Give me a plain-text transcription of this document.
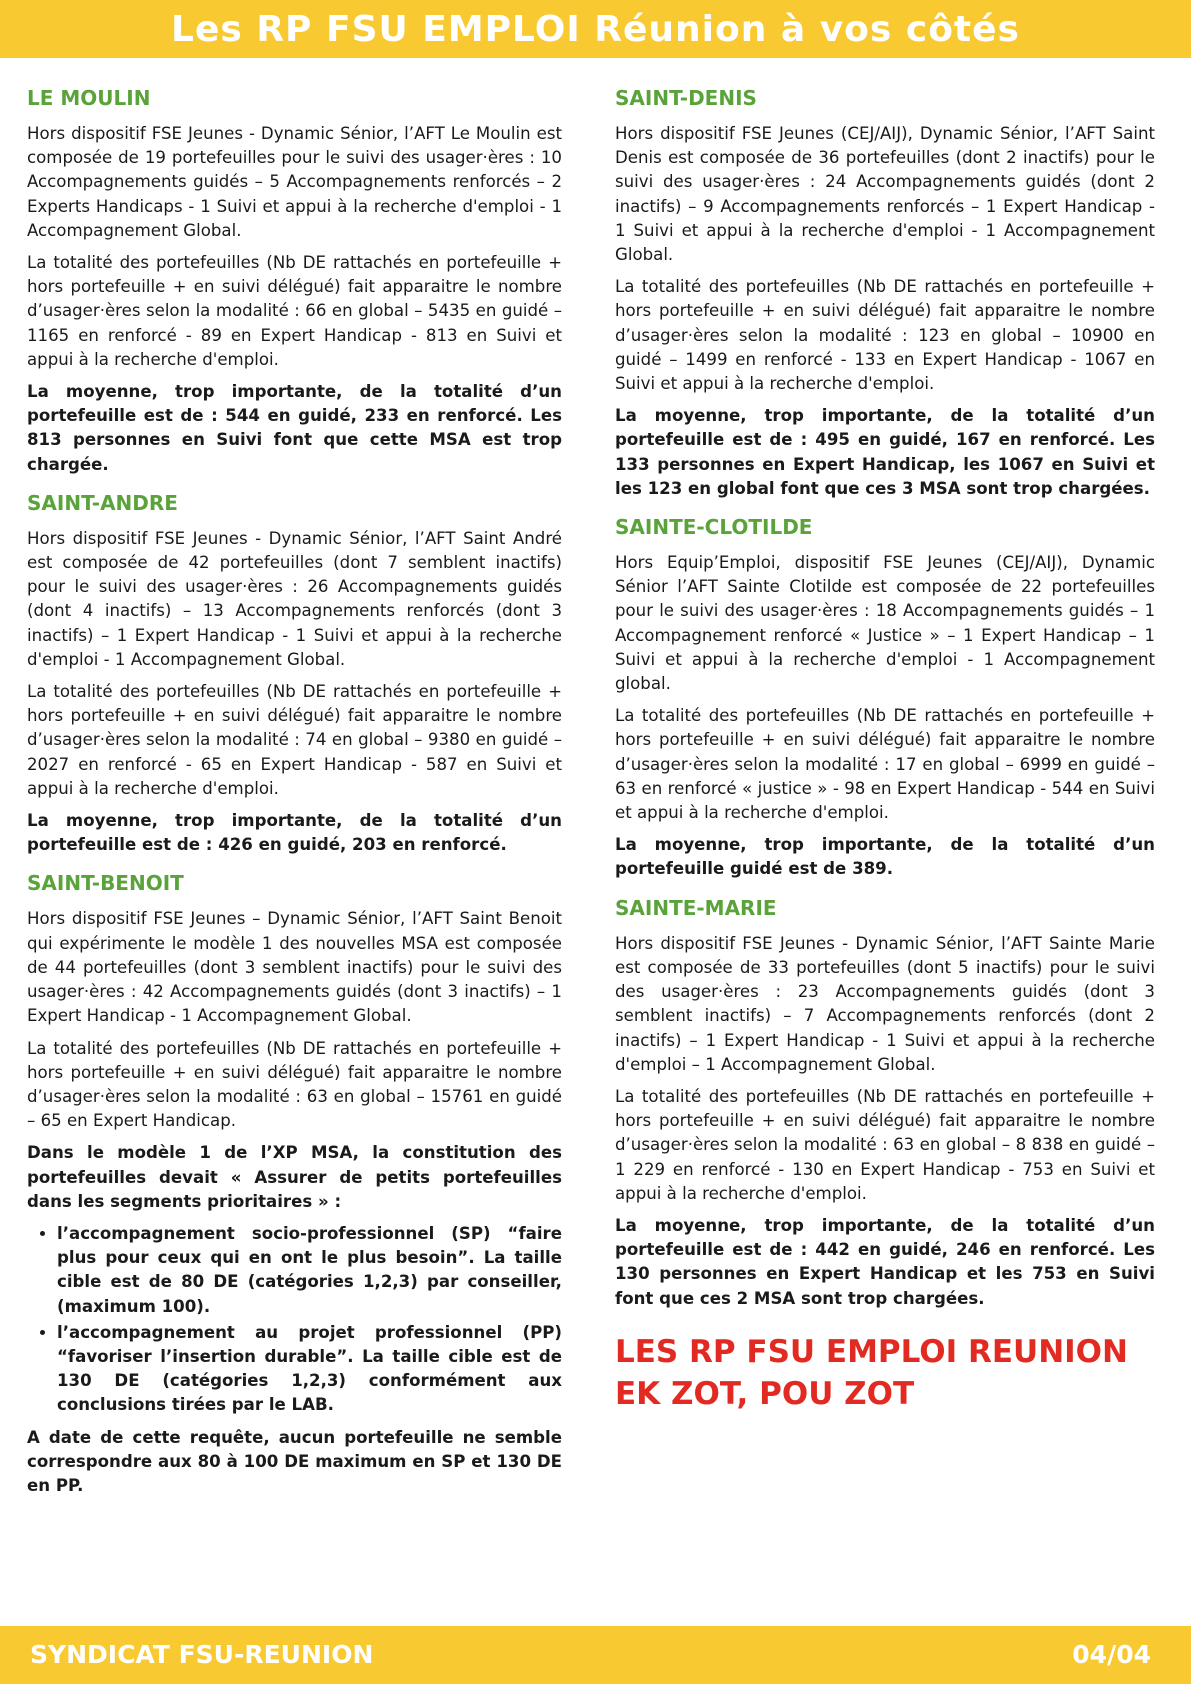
Les RP FSU EMPLOI Réunion à vos côtés
LE MOULIN

Hors dispositif FSE Jeunes - Dynamic Sénior, l’AFT Le Moulin est composée de 19 portefeuilles pour le suivi des usager·ères : 10 Accompagnements guidés – 5 Accompagnements renforcés – 2 Experts Handicaps - 1 Suivi et appui à la recherche d'emploi - 1 Accompagnement Global.

La totalité des portefeuilles (Nb DE rattachés en portefeuille + hors portefeuille + en suivi délégué) fait apparaitre le nombre d’usager·ères selon la modalité : 66 en global – 5435 en guidé – 1165 en renforcé - 89 en Expert Handicap - 813 en Suivi et appui à la recherche d'emploi.

La moyenne, trop importante, de la totalité d’un portefeuille est de : 544 en guidé, 233 en renforcé. Les 813 personnes en Suivi font que cette MSA est trop chargée.

SAINT-ANDRE

Hors dispositif FSE Jeunes - Dynamic Sénior, l’AFT Saint André est composée de 42 portefeuilles (dont 7 semblent inactifs) pour le suivi des usager·ères : 26 Accompagnements guidés (dont 4 inactifs) – 13 Accompagnements renforcés (dont 3 inactifs) – 1 Expert Handicap - 1 Suivi et appui à la recherche d'emploi - 1 Accompagnement Global.

La totalité des portefeuilles (Nb DE rattachés en portefeuille + hors portefeuille + en suivi délégué) fait apparaitre le nombre d’usager·ères selon la modalité : 74 en global – 9380 en guidé – 2027 en renforcé - 65 en Expert Handicap - 587 en Suivi et appui à la recherche d'emploi.

La moyenne, trop importante, de la totalité d’un portefeuille est de : 426 en guidé, 203 en renforcé.

SAINT-BENOIT

Hors dispositif FSE Jeunes – Dynamic Sénior, l’AFT Saint Benoit qui expérimente le modèle 1 des nouvelles MSA est composée de 44 portefeuilles (dont 3 semblent inactifs) pour le suivi des usager·ères : 42 Accompagnements guidés (dont 3 inactifs) – 1 Expert Handicap - 1 Accompagnement Global.

La totalité des portefeuilles (Nb DE rattachés en portefeuille + hors portefeuille + en suivi délégué) fait apparaitre le nombre d’usager·ères selon la modalité : 63 en global – 15761 en guidé – 65 en Expert Handicap.

Dans le modèle 1 de l’XP MSA, la constitution des portefeuilles devait « Assurer de petits portefeuilles dans les segments prioritaires » :

• l’accompagnement socio-professionnel (SP) “faire plus pour ceux qui en ont le plus besoin”. La taille cible est de 80 DE (catégories 1,2,3) par conseiller, (maximum 100).
• l’accompagnement au projet professionnel (PP) “favoriser l’insertion durable”. La taille cible est de 130 DE (catégories 1,2,3) conformément aux conclusions tirées par le LAB.

A date de cette requête, aucun portefeuille ne semble correspondre aux 80 à 100 DE maximum en SP et 130 DE en PP.

SAINT-DENIS

Hors dispositif FSE Jeunes (CEJ/AIJ), Dynamic Sénior, l’AFT Saint Denis est composée de 36 portefeuilles (dont 2 inactifs) pour le suivi des usager·ères : 24 Accompagnements guidés (dont 2 inactifs) – 9 Accompagnements renforcés – 1 Expert Handicap - 1 Suivi et appui à la recherche d'emploi - 1 Accompagnement Global.

La totalité des portefeuilles (Nb DE rattachés en portefeuille + hors portefeuille + en suivi délégué) fait apparaitre le nombre d’usager·ères selon la modalité : 123 en global – 10900 en guidé – 1499 en renforcé - 133 en Expert Handicap - 1067 en Suivi et appui à la recherche d'emploi.

La moyenne, trop importante, de la totalité d’un portefeuille est de : 495 en guidé, 167 en renforcé. Les 133 personnes en Expert Handicap, les 1067 en Suivi et les 123 en global font que ces 3 MSA sont trop chargées.

SAINTE-CLOTILDE

Hors Equip’Emploi, dispositif FSE Jeunes (CEJ/AIJ), Dynamic Sénior l’AFT Sainte Clotilde est composée de 22 portefeuilles pour le suivi des usager·ères : 18 Accompagnements guidés – 1 Accompagnement renforcé « Justice » – 1 Expert Handicap – 1 Suivi et appui à la recherche d'emploi - 1 Accompagnement global.

La totalité des portefeuilles (Nb DE rattachés en portefeuille + hors portefeuille + en suivi délégué) fait apparaitre le nombre d’usager·ères selon la modalité : 17 en global – 6999 en guidé – 63 en renforcé « justice » - 98 en Expert Handicap - 544 en Suivi et appui à la recherche d'emploi.

La moyenne, trop importante, de la totalité d’un portefeuille guidé est de 389.

SAINTE-MARIE

Hors dispositif FSE Jeunes - Dynamic Sénior, l’AFT Sainte Marie est composée de 33 portefeuilles (dont 5 inactifs) pour le suivi des usager·ères : 23 Accompagnements guidés (dont 3 semblent inactifs) – 7 Accompagnements renforcés (dont 2 inactifs) – 1 Expert Handicap - 1 Suivi et appui à la recherche d'emploi – 1 Accompagnement Global.

La totalité des portefeuilles (Nb DE rattachés en portefeuille + hors portefeuille + en suivi délégué) fait apparaitre le nombre d’usager·ères selon la modalité : 63 en global – 8 838 en guidé – 1 229 en renforcé - 130 en Expert Handicap - 753 en Suivi et appui à la recherche d'emploi.

La moyenne, trop importante, de la totalité d’un portefeuille est de : 442 en guidé, 246 en renforcé. Les 130 personnes en Expert Handicap et les 753 en Suivi font que ces 2 MSA sont trop chargées.

LES RP FSU EMPLOI REUNION
EK ZOT, POU ZOT
SYNDICAT FSU-REUNION	04/04
